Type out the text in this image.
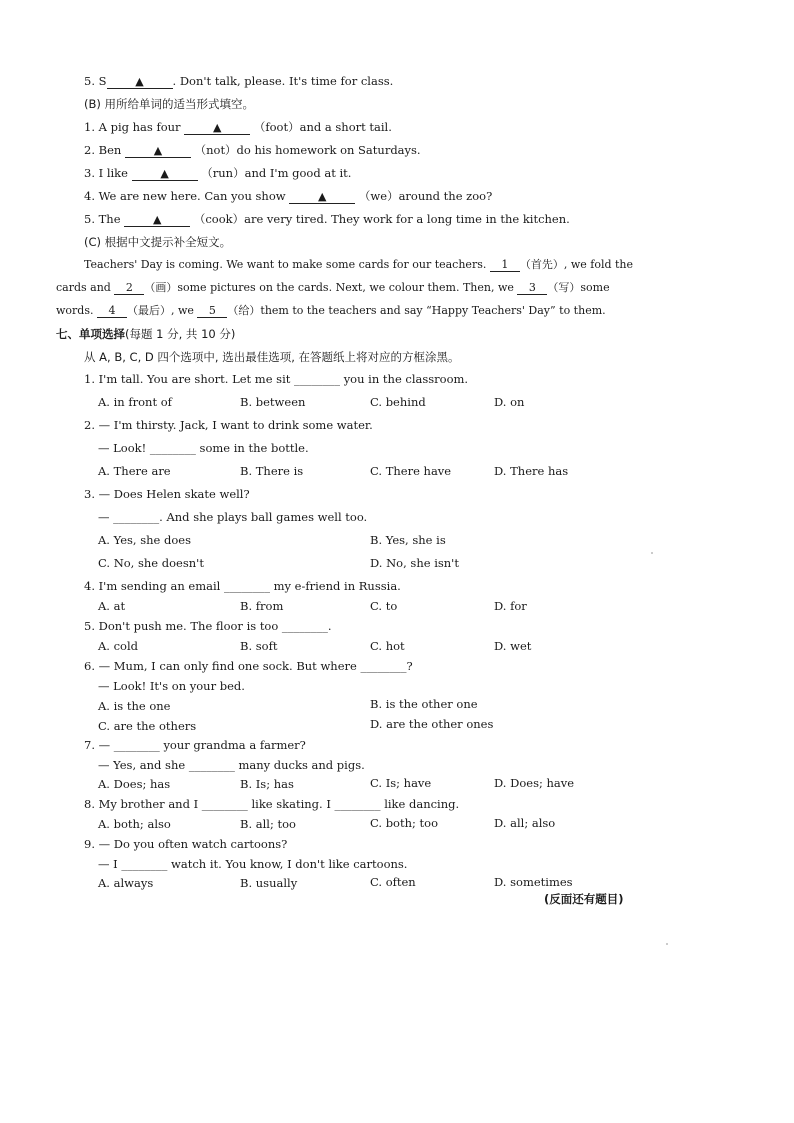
5. S	▲	. Don't talk, please. It's time for class.
(B) 用所给单词的适当形式填空。
1. A pig has four	▲	（foot）and a short tail.
2. Ben	▲	（not）do his homework on Saturdays.
3. I like	▲	（run）and I'm good at it.
4. We are new here. Can you show	▲	（we）around the zoo?
5. The	▲	（cook）are very tired. They work for a long time in the kitchen.
(C) 根据中文提示补全短文。
Teachers' Day is coming. We want to make some cards for our teachers. 1 （首先）, we fold the
cards and 2 （画）some pictures on the cards. Next, we colour them. Then, we 3 （写）some
words. 4 （最后）, we 5 （给）them to the teachers and say “Happy Teachers' Day” to them.
七、单项选择(每题 1 分, 共 10 分)
从 A, B, C, D 四个选项中, 选出最佳选项, 在答题纸上将对应的方框涂黑。
1. I'm tall. You are short. Let me sit ________ you in the classroom.
A. in front of	B. between	C. behind	D. on
2. — I'm thirsty. Jack, I want to drink some water.
— Look! ________ some in the bottle.
A. There are	B. There is	C. There have	D. There has
3. — Does Helen skate well?
— ________. And she plays ball games well too.
A. Yes, she does	B. Yes, she is
C. No, she doesn't	D. No, she isn't
4. I'm sending an email ________ my e-friend in Russia.
A. at	B. from	C. to	D. for
5. Don't push me. The floor is too ________.
A. cold	B. soft	C. hot	D. wet
6. — Mum, I can only find one sock. But where ________?
— Look! It's on your bed.
A. is the one	B. is the other one
C. are the others	D. are the other ones
7. — ________ your grandma a farmer?
— Yes, and she ________ many ducks and pigs.
A. Does; has	B. Is; has	C. Is; have	D. Does; have
8. My brother and I ________ like skating. I ________ like dancing.
A. both; also	B. all; too	C. both; too	D. all; also
9. — Do you often watch cartoons?
— I ________ watch it. You know, I don't like cartoons.
A. always	B. usually	C. often	D. sometimes
(反面还有题目)
